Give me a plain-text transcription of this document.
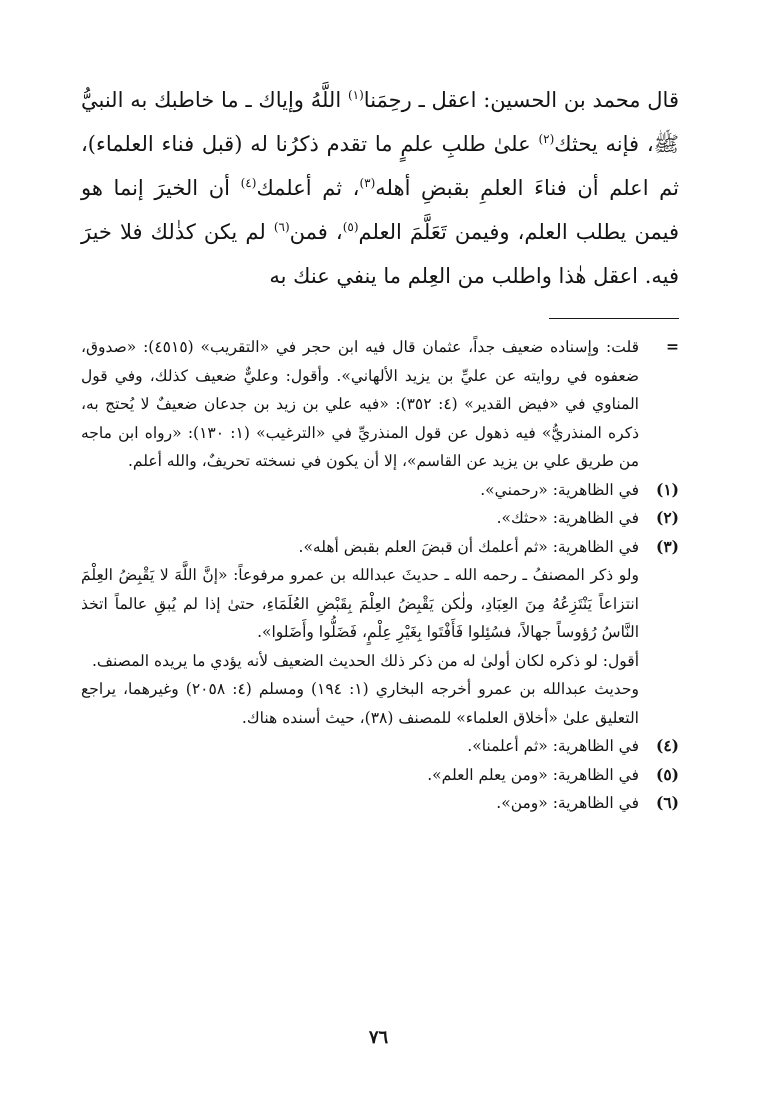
قال محمد بن الحسين: اعقل ـ رحِمَنا$^{(١)}$ اللَّهُ وإياك ـ ما خاطبك به النبيُّ ﷺ، فإنه يحثك$^{(٢)}$ علىٰ طلبِ علمٍ ما تقدم ذكرُنا له (قبل فناء العلماء)، ثم اعلم أن فناءَ العلمِ بقبضِ أهله$^{(٣)}$، ثم أعلمك$^{(٤)}$ أن الخيرَ إنما هو فيمن يطلب العلم، وفيمن تَعَلَّمَ العلم$^{(٥)}$، فمن$^{(٦)}$ لم يكن كذٰلك فلا خيرَ فيه. اعقل هٰذا واطلب من العِلم ما ينفي عنك به

=

قلت: وإسناده ضعيف جداً، عثمان قال فيه ابن حجر في «التقريب» (٤٥١٥): «صدوق، ضعفوه في روايته عن عليِّ بن يزيد الألهاني». وأقول: وعليٌّ ضعيف كذلك، وفي قول المناوي في «فيض القدير» (٤: ٣٥٢): «فيه علي بن زيد بن جدعان ضعيفٌ لا يُحتج به، ذكره المنذريُّ» فيه ذهول عن قول المنذريِّ في «الترغيب» (١: ١٣٠): «رواه ابن ماجه من طريق علي بن يزيد عن القاسم»، إلا أن يكون في نسخته تحريفٌ، والله أعلم.

(١)

في الظاهرية: «رحمني».

(٢)

في الظاهرية: «حثك».

(٣)

في الظاهرية: «ثم أعلمك أن قبضَ العلم بقبض أهله».

ولو ذكر المصنفُ ـ رحمه الله ـ حديثَ عبدالله بن عمرو مرفوعاً: «إنَّ اللَّهَ لا يَقْبِضُ العِلْمَ انتزاعاً يَنْتَزِعُهُ مِنَ العِبَادِ، ولٰكن يَقْبِضُ العِلْمَ بِقَبْضِ العُلَمَاءِ، حتىٰ إذا لم يُبقِ عالماً اتخذ النَّاسُ رُؤوساً جهالاً، فسُئِلوا فَأَفْتَوا بِغَيْرِ عِلْمٍ، فَضَلُّوا وأَضَلوا».

أقول: لو ذكره لكان أولىٰ له من ذكر ذلك الحديث الضعيف لأنه يؤدي ما يريده المصنف.

وحديث عبدالله بن عمرو أخرجه البخاري (١: ١٩٤) ومسلم (٤: ٢٠٥٨) وغيرهما، يراجع التعليق علىٰ «أخلاق العلماء» للمصنف (٣٨)، حيث أسنده هناك.

(٤)

في الظاهرية: «ثم أعلمنا».

(٥)

في الظاهرية: «ومن يعلم العلم».

(٦)

في الظاهرية: «ومن».

٧٦
